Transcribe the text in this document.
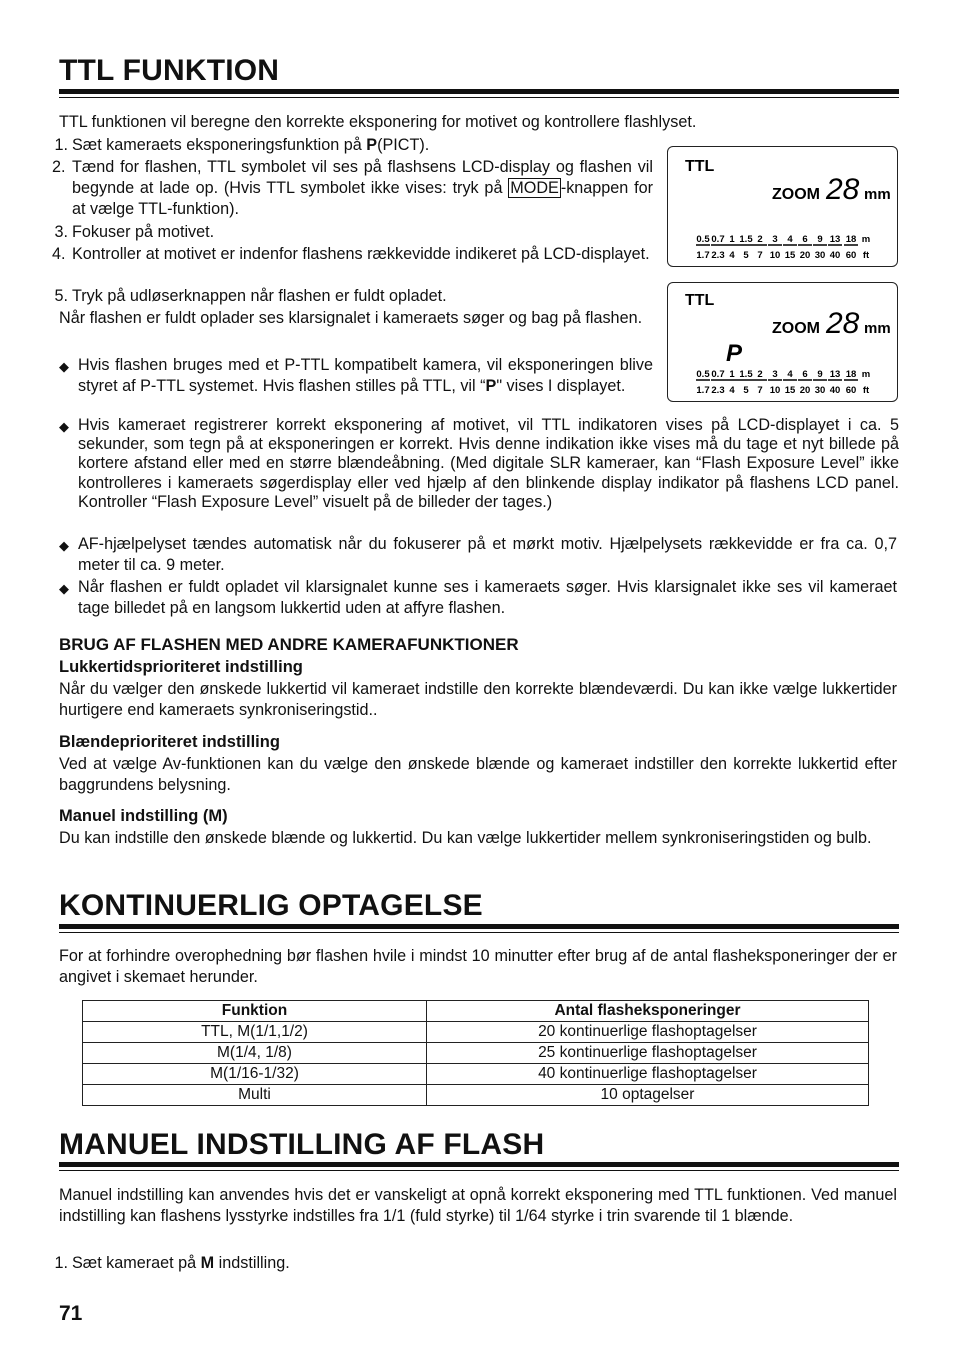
TTL FUNKTION

TTL funktionen vil beregne den korrekte eksponering for motivet og kontrollere flashlyset.

1. Sæt kameraets eksponeringsfunktion på P(PICT).
2. Tænd for flashen, TTL symbolet vil ses på flashsens LCD-display og flashen vil begynde at lade op. (Hvis TTL symbolet ikke vises: tryk på MODE -knappen for at vælge TTL-funktion).
3. Fokuser på motivet.
4. Kontroller at motivet er indenfor flashens rækkevidde indikeret på LCD-displayet.
5. Tryk på udløserknappen når flashen er fuldt opladet.

Når flashen er fuldt oplader ses klarsignalet i kameraets søger og bag på flashen.

◆ Hvis flashen bruges med et P-TTL kompatibelt kamera, vil eksponeringen blive styret af P-TTL systemet. Hvis flashen stilles på TTL, vil “P" vises I displayet.
◆ Hvis kameraet registrerer korrekt eksponering af motivet, vil TTL indikatoren vises på LCD-displayet i ca. 5 sekunder, som tegn på at eksponeringen er korrekt. Hvis denne indikation ikke vises må du tage et nyt billede på kortere afstand eller med en større blændeåbning. (Med digitale SLR kameraer, kan “Flash Exposure Level” ikke kontrolleres i kameraets søgerdisplay eller ved hjælp af den blinkende display indikator på flashens LCD panel. Kontroller “Flash Exposure Level” visuelt på de billeder der tages.)
◆ AF-hjælpelyset tændes automatisk når du fokuserer på et mørkt motiv. Hjælpelysets rækkevidde er fra ca. 0,7 meter til ca. 9 meter.
◆ Når flashen er fuldt opladet vil klarsignalet kunne ses i kameraets søger. Hvis klarsignalet ikke ses vil kameraet tage billedet på en langsom lukkertid uden at affyre flashen.
TTL
ZOOM 28 mm
0.5 0.7 1 1.5 2 3 4 6 9 13 18 m
1.7 2.3 4 5 7 10 15 20 30 40 60 ft
TTL
ZOOM 28 mm
P
0.5 0.7 1 1.5 2 3 4 6 9 13 18 m
1.7 2.3 4 5 7 10 15 20 30 40 60 ft
BRUG AF FLASHEN MED ANDRE KAMERAFUNKTIONER
Lukkertidsprioriteret indstilling

Når du vælger den ønskede lukkertid vil kameraet indstille den korrekte blændeværdi. Du kan ikke vælge lukkertider hurtigere end kameraets synkroniseringstid..

Blændeprioriteret indstilling

Ved at vælge Av-funktionen kan du vælge den ønskede blænde og kameraet indstiller den korrekte lukkertid efter baggrundens belysning.

Manuel indstilling (M)

Du kan indstille den ønskede blænde og lukkertid. Du kan vælge lukkertider mellem synkroniseringstiden og bulb.

KONTINUERLIG OPTAGELSE

For at forhindre overophedning bør flashen hvile i mindst 10 minutter efter brug af de antal flasheksponeringer der er angivet i skemaet herunder.

Funktion	Antal flasheksponeringer
TTL, M(1/1,1/2)	20 kontinuerlige flashoptagelser
M(1/4, 1/8)	25 kontinuerlige flashoptagelser
M(1/16-1/32)	40 kontinuerlige flashoptagelser
Multi	10 optagelser
MANUEL INDSTILLING AF FLASH

Manuel indstilling kan anvendes hvis det er vanskeligt at opnå korrekt eksponering med TTL funktionen. Ved manuel indstilling kan flashens lysstyrke indstilles fra 1/1 (fuld styrke) til 1/64 styrke i trin svarende til 1 blænde.

1. Sæt kameraet på M indstilling.
71
